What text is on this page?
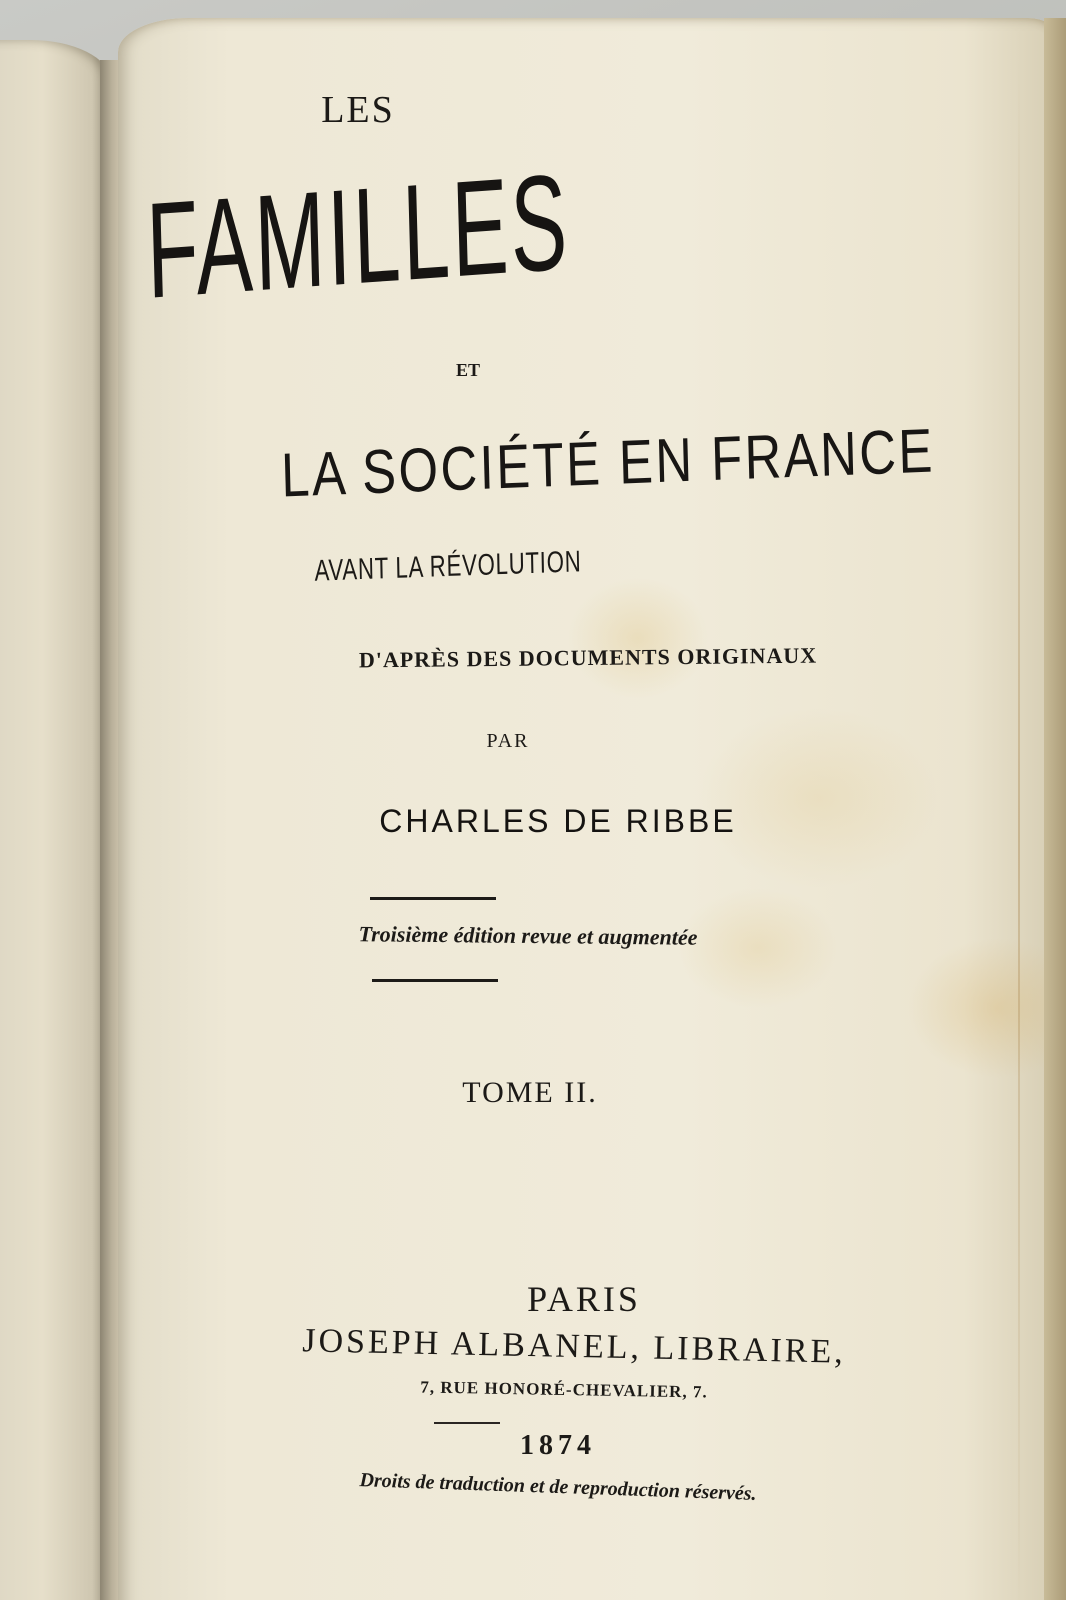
LES
FAMILLES
ET
LA SOCIÉTÉ EN FRANCE
AVANT LA RÉVOLUTION
D'APRÈS DES DOCUMENTS ORIGINAUX
PAR
CHARLES DE RIBBE
Troisième édition revue et augmentée
TOME II.
PARIS
JOSEPH ALBANEL, LIBRAIRE,
7, RUE HONORÉ-CHEVALIER, 7.
1874
Droits de traduction et de reproduction réservés.
